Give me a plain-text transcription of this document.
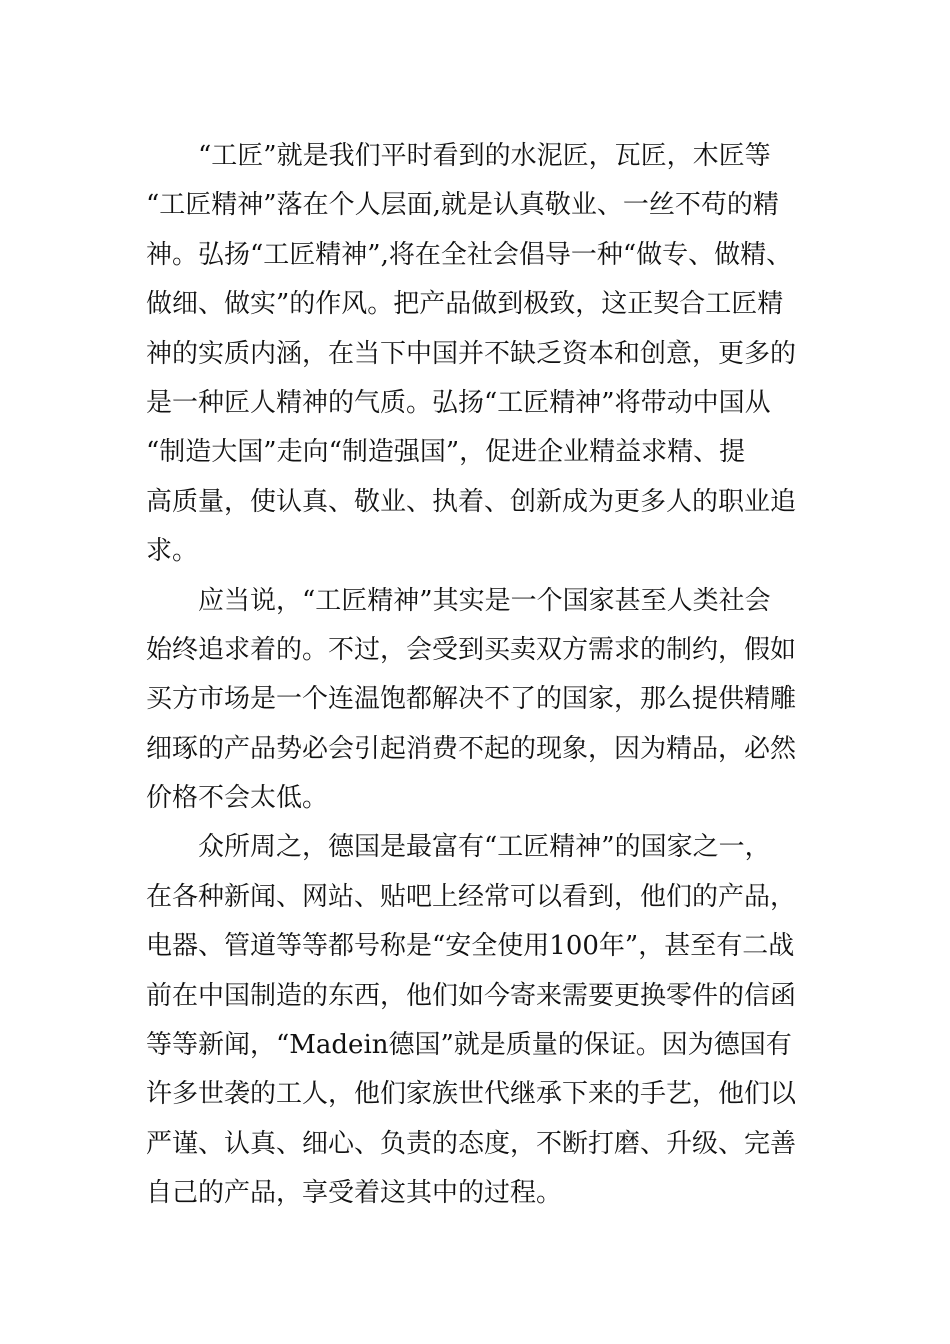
“工匠”就是我们平时看到的水泥匠，瓦匠，木匠等
“工匠精神”落在个人层面,就是认真敬业、一丝不苟的精
神。弘扬“工匠精神”,将在全社会倡导一种“做专、做精、
做细、做实”的作风。把产品做到极致，这正契合工匠精
神的实质内涵，在当下中国并不缺乏资本和创意，更多的
是一种匠人精神的气质。弘扬“工匠精神”将带动中国从
“制造大国”走向“制造强国”，促进企业精益求精、提
高质量，使认真、敬业、执着、创新成为更多人的职业追
求。
应当说，“工匠精神”其实是一个国家甚至人类社会
始终追求着的。不过，会受到买卖双方需求的制约，假如
买方市场是一个连温饱都解决不了的国家，那么提供精雕
细琢的产品势必会引起消费不起的现象，因为精品，必然
价格不会太低。
众所周之，德国是最富有“工匠精神”的国家之一，
在各种新闻、网站、贴吧上经常可以看到，他们的产品，
电器、管道等等都号称是“安全使用100年”，甚至有二战
前在中国制造的东西，他们如今寄来需要更换零件的信函
等等新闻，“Madein德国”就是质量的保证。因为德国有
许多世袭的工人，他们家族世代继承下来的手艺，他们以
严谨、认真、细心、负责的态度，不断打磨、升级、完善
自己的产品，享受着这其中的过程。
